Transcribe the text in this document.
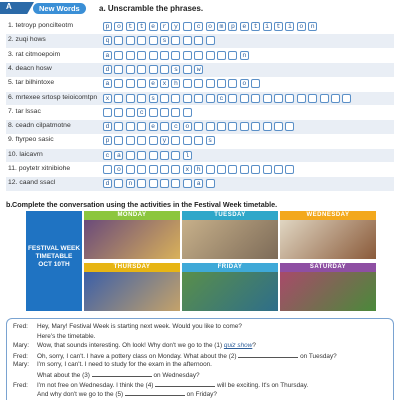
A	New Words	a. Unscramble the phrases.
1. tetroyp poncilteotm	p	o	t	t	e	r	y	c	o	m	p	e	t	i	t	i	o	n
2. zuqi hows	q	s
3. rat citmoepoim	a	n
4. deacn hosw	d	s	w
5. tar bilhintoxe	a	e	x	h	o
6. mrtexee srtosp teioicomtpn	x	s	c
7. tar lssac	c
8. ceadn cilpatmotne	d	e	c	o
9. ftyrpeo sasic	p	y	s
10. laicavrn	c	a	l
11. poytetr xitnibiohe	o	x	h
12. caand ssacl	d	n	a
b. Complete the conversation using the activities in the Festival Week timetable.
FESTIVAL WEEK
TIMETABLE
OCT 10TH
MONDAY	TUESDAY	WEDNESDAY
THURSDAY	FRIDAY	SATURDAY
Fred: Hey, Mary! Festival Week is starting next week. Would you like to come?
Here's the timetable.
Mary: Wow, that sounds interesting. Oh look! Why don't we go to the (1) quiz show?
Fred: Oh, sorry, I can't. I have a pottery class on Monday. What about the (2)	on Tuesday?
Mary: I'm sorry, I can't. I need to study for the exam in the afternoon.
What about the (3)	on Wednesday?
Fred: I'm not free on Wednesday. I think the (4)	will be exciting. It's on Thursday.
And why don't we go to the (5)	on Friday?
